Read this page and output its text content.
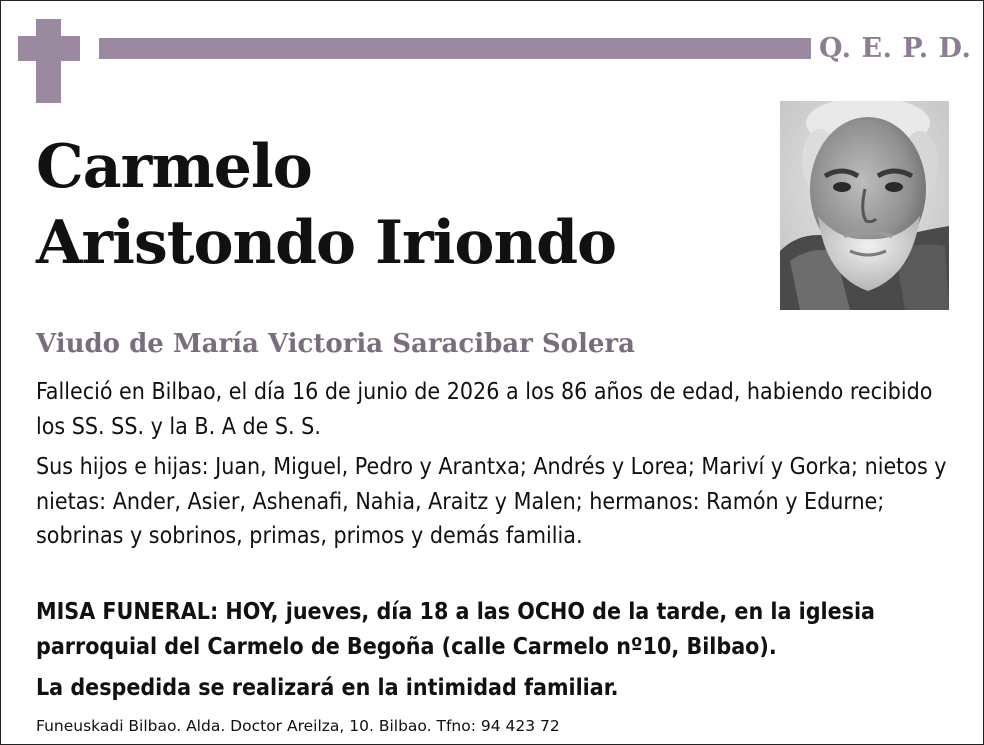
Q. E. P. D.
Carmelo
Aristondo Iriondo
Viudo de María Victoria Saracibar Solera
Falleció en Bilbao, el día 16 de junio de 2026 a los 86 años de edad, habiendo recibido los SS. SS. y la B. A de S. S.
Sus hijos e hijas: Juan, Miguel, Pedro y Arantxa; Andrés y Lorea; Mariví y Gorka; nietos y nietas: Ander, Asier, Ashenafi, Nahia, Araitz y Malen; hermanos: Ramón y Edurne; sobrinas y sobrinos, primas, primos y demás familia.
MISA FUNERAL: HOY, jueves, día 18 a las OCHO de la tarde, en la iglesia parroquial del Carmelo de Begoña (calle Carmelo nº10, Bilbao).
La despedida se realizará en la intimidad familiar.
Funeuskadi Bilbao. Alda. Doctor Areilza, 10. Bilbao. Tfno: 94 423 72
